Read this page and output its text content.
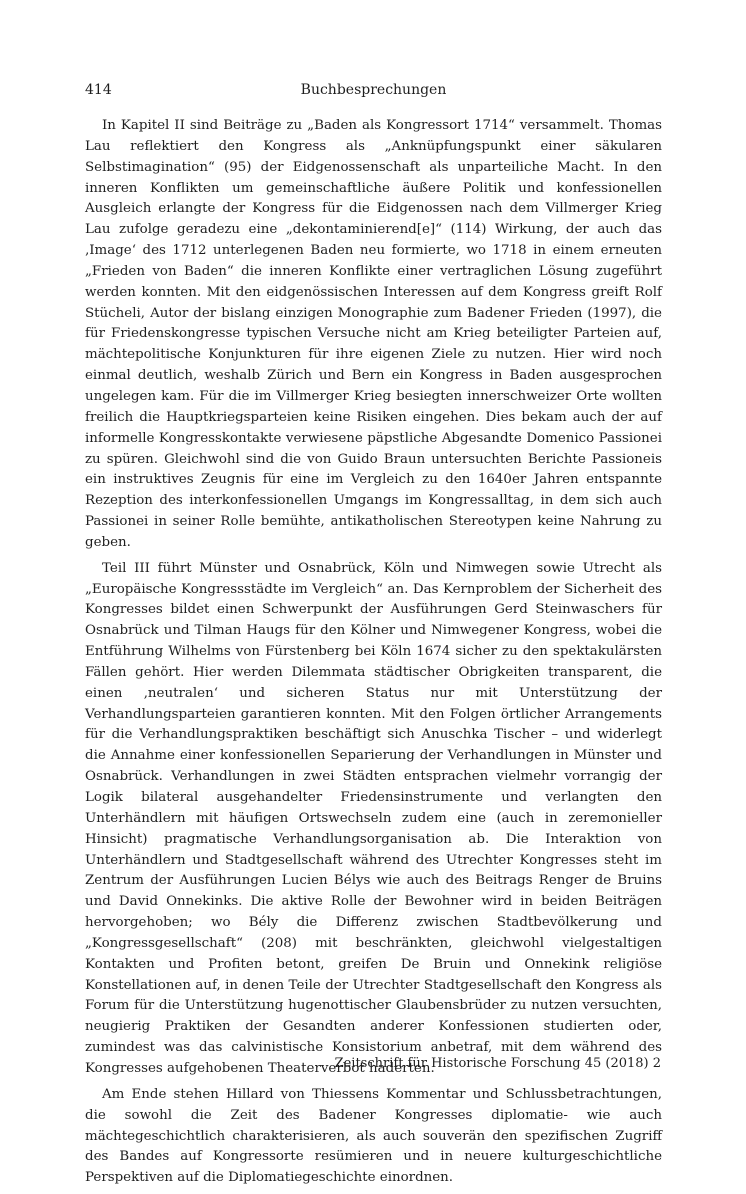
414	Buchbesprechungen

In Kapitel II sind Beiträge zu „Baden als Kongressort 1714“ versammelt. Thomas Lau reflektiert den Kongress als „Anknüpfungspunkt einer säkularen Selbstimagination“ (95) der Eidgenossenschaft als unparteiliche Macht. In den inneren Konflikten um gemeinschaftliche äußere Politik und konfessionellen Ausgleich erlangte der Kongress für die Eidgenossen nach dem Villmerger Krieg Lau zufolge geradezu eine „dekontaminierend[e]“ (114) Wirkung, der auch das ‚Image‘ des 1712 unterlegenen Baden neu formierte, wo 1718 in einem erneuten „Frieden von Baden“ die inneren Konflikte einer vertraglichen Lösung zugeführt werden konnten. Mit den eidgenössischen Interessen auf dem Kongress greift Rolf Stücheli, Autor der bislang einzigen Monographie zum Badener Frieden (1997), die für Friedenskongresse typischen Versuche nicht am Krieg beteiligter Parteien auf, mächtepolitische Konjunkturen für ihre eigenen Ziele zu nutzen. Hier wird noch einmal deutlich, weshalb Zürich und Bern ein Kongress in Baden ausgesprochen ungelegen kam. Für die im Villmerger Krieg besiegten innerschweizer Orte wollten freilich die Hauptkriegsparteien keine Risiken eingehen. Dies bekam auch der auf informelle Kongresskontakte verwiesene päpstliche Abgesandte Domenico Passionei zu spüren. Gleichwohl sind die von Guido Braun untersuchten Berichte Passioneis ein instruktives Zeugnis für eine im Vergleich zu den 1640er Jahren entspannte Rezeption des interkonfessionellen Umgangs im Kongressalltag, in dem sich auch Passionei in seiner Rolle bemühte, antikatholischen Stereotypen keine Nahrung zu geben.

Teil III führt Münster und Osnabrück, Köln und Nimwegen sowie Utrecht als „Europäische Kongressstädte im Vergleich“ an. Das Kernproblem der Sicherheit des Kongresses bildet einen Schwerpunkt der Ausführungen Gerd Steinwaschers für Osnabrück und Tilman Haugs für den Kölner und Nimwegener Kongress, wobei die Entführung Wilhelms von Fürstenberg bei Köln 1674 sicher zu den spektakulärsten Fällen gehört. Hier werden Dilemmata städtischer Obrigkeiten transparent, die einen ‚neutralen‘ und sicheren Status nur mit Unterstützung der Verhandlungsparteien garantieren konnten. Mit den Folgen örtlicher Arrangements für die Verhandlungspraktiken beschäftigt sich Anuschka Tischer – und widerlegt die Annahme einer konfessionellen Separierung der Verhandlungen in Münster und Osnabrück. Verhandlungen in zwei Städten entsprachen vielmehr vorrangig der Logik bilateral ausgehandelter Friedensinstrumente und verlangten den Unterhändlern mit häufigen Ortswechseln zudem eine (auch in zeremonieller Hinsicht) pragmatische Verhandlungsorganisation ab. Die Interaktion von Unterhändlern und Stadtgesellschaft während des Utrechter Kongresses steht im Zentrum der Ausführungen Lucien Bélys wie auch des Beitrags Renger de Bruins und David Onnekinks. Die aktive Rolle der Bewohner wird in beiden Beiträgen hervorgehoben; wo Bély die Differenz zwischen Stadtbevölkerung und „Kongressgesellschaft“ (208) mit beschränkten, gleichwohl vielgestaltigen Kontakten und Profiten betont, greifen De Bruin und Onnekink religiöse Konstellationen auf, in denen Teile der Utrechter Stadtgesellschaft den Kongress als Forum für die Unterstützung hugenottischer Glaubensbrüder zu nutzen versuchten, neugierig Praktiken der Gesandten anderer Konfessionen studierten oder, zumindest was das calvinistische Konsistorium anbetraf, mit dem während des Kongresses aufgehobenen Theaterverbot haderten.

Am Ende stehen Hillard von Thiessens Kommentar und Schlussbetrachtungen, die sowohl die Zeit des Badener Kongresses diplomatie- wie auch mächtegeschichtlich charakterisieren, als auch souverän den spezifischen Zugriff des Bandes auf Kongressorte resümieren und in neuere kulturgeschichtliche Perspektiven auf die Diplomatiegeschichte einordnen.

Zeitschrift für Historische Forschung 45 (2018) 2
